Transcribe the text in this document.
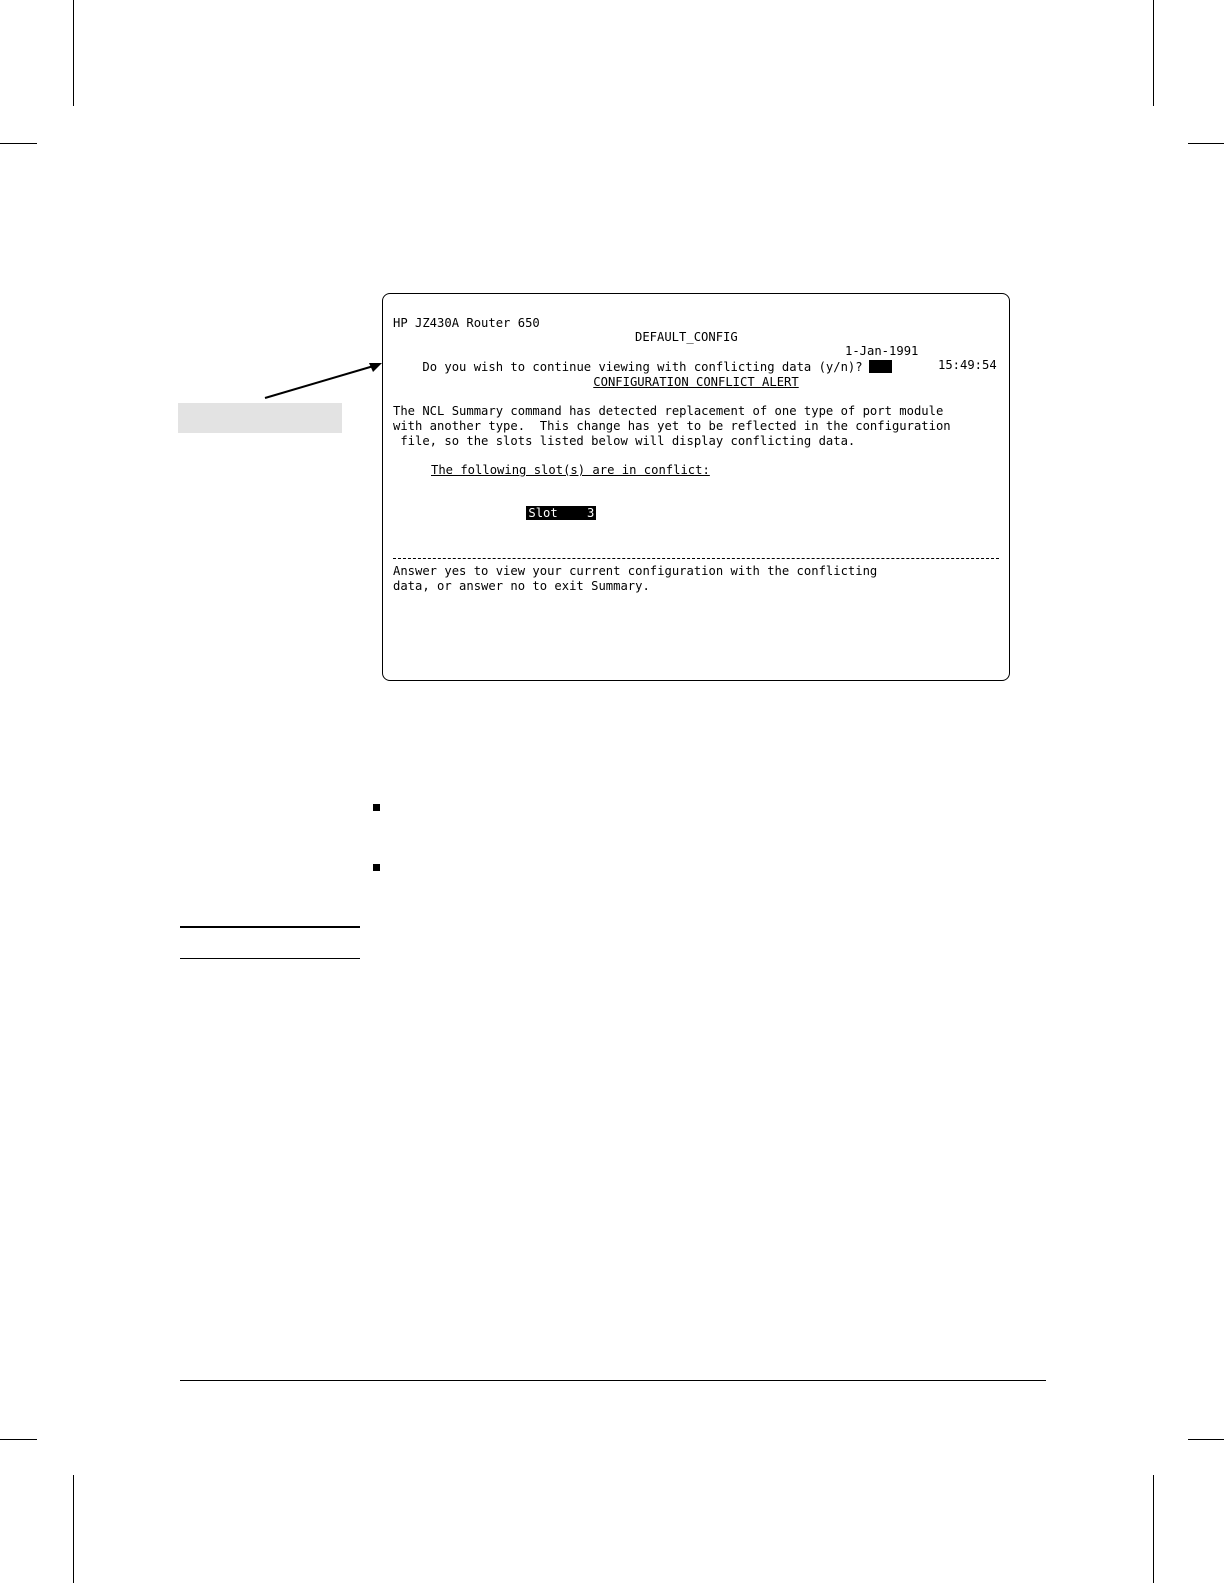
HP JZ430A Router 650

DEFAULT_CONFIG

1-Jan-1991

15:49:54

Do you wish to continue viewing with conflicting data (y/n)?

CONFIGURATION CONFLICT ALERT
The NCL Summary command has detected replacement of one type of port module
with another type.  This change has yet to be reflected in the configuration
file, so the slots listed below will display conflicting data.
The following slot(s) are in conflict:

Slot    3

Answer yes to view your current configuration with the conflicting
data, or answer no to exit Summary.
